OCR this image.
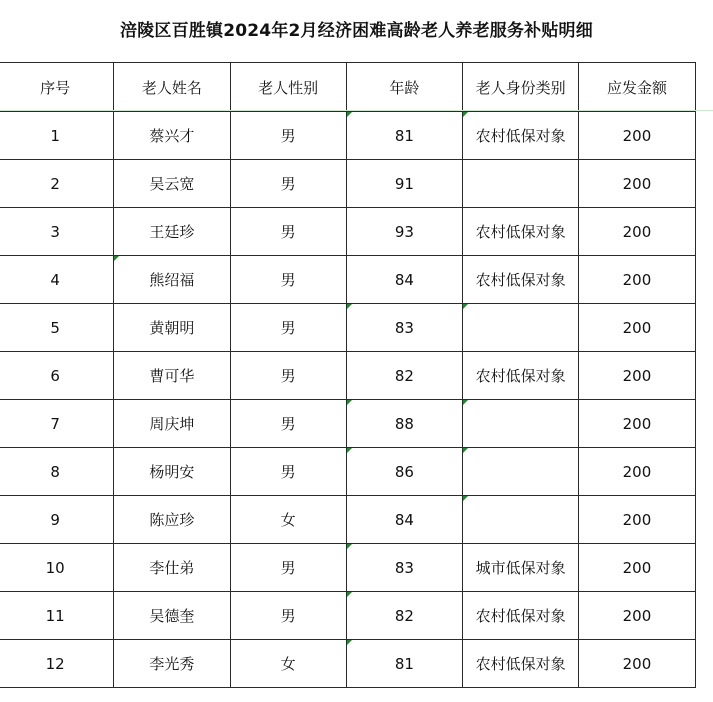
涪陵区百胜镇2024年2月经济困难高龄老人养老服务补贴明细
序号	老人姓名	老人性别	年龄	老人身份类别	应发金额	
1	蔡兴才	男	81	农村低保对象	200	
2	吴云宽	男	91		200	
3	王廷珍	男	93	农村低保对象	200	
4	熊绍福	男	84	农村低保对象	200	
5	黄朝明	男	83		200	
6	曹可华	男	82	农村低保对象	200	
7	周庆坤	男	88		200	
8	杨明安	男	86		200	
9	陈应珍	女	84		200	
10	李仕弟	男	83	城市低保对象	200	
11	吴德奎	男	82	农村低保对象	200	
12	李光秀	女	81	农村低保对象	200	
